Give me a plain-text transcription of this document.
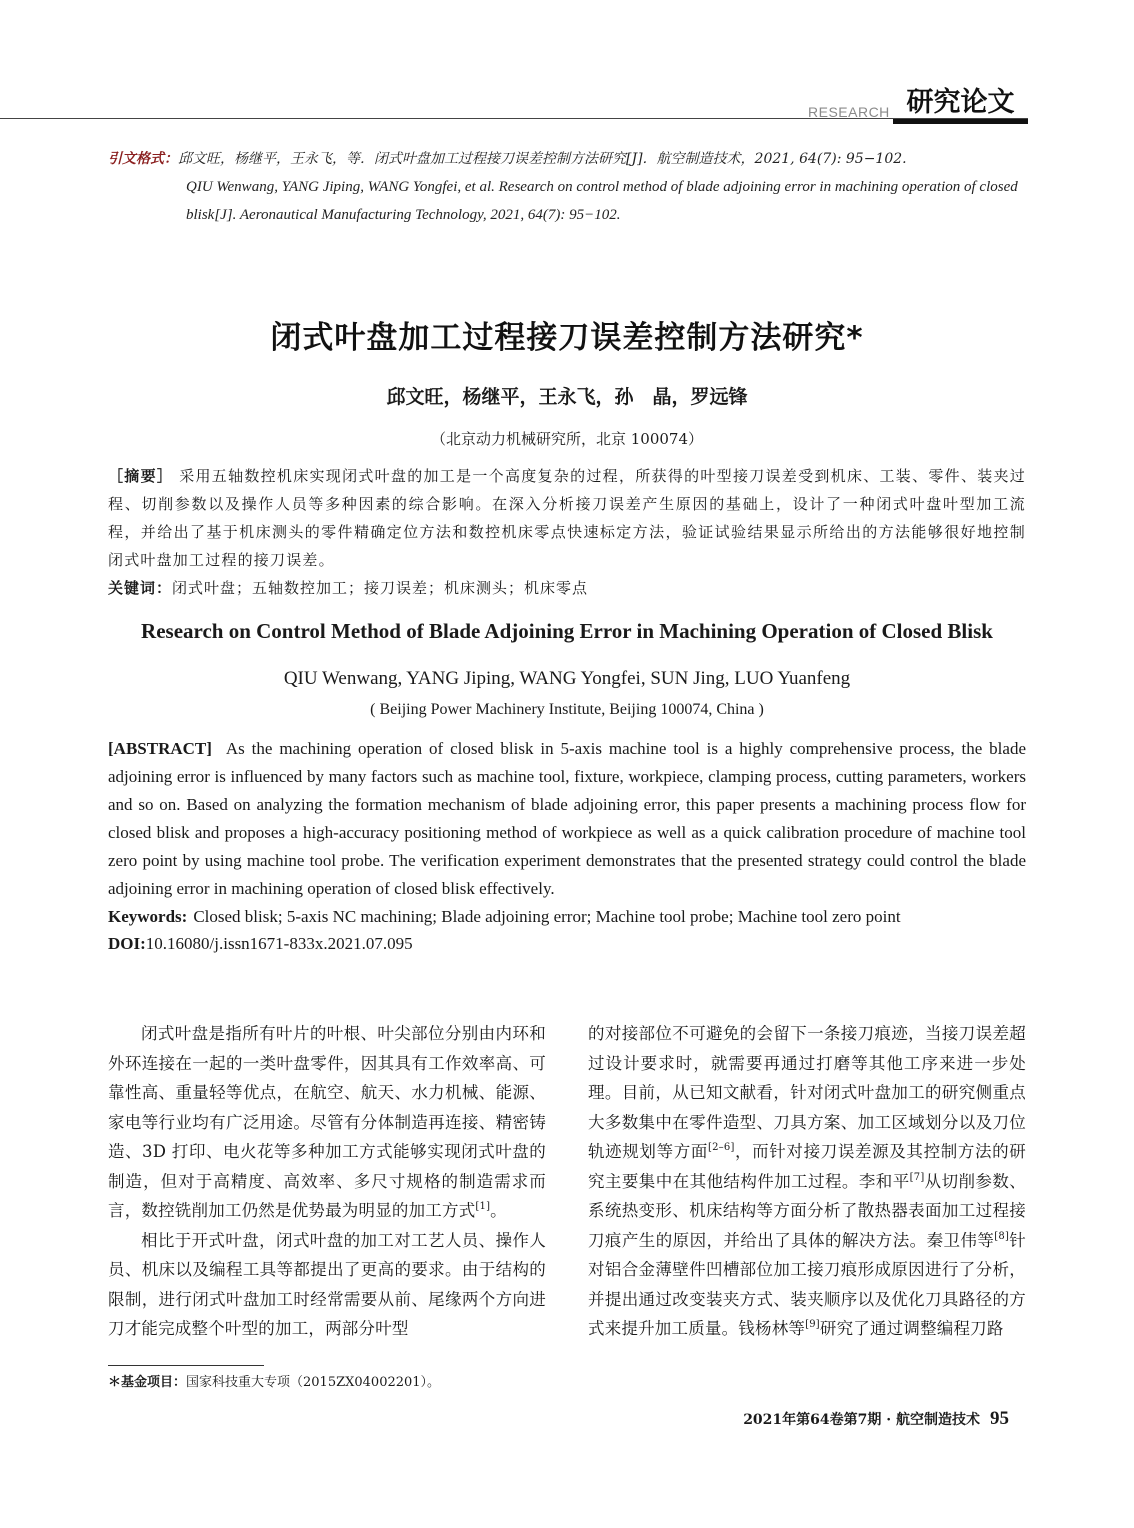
RESEARCH 研究论文
引文格式：邱文旺，杨继平，王永飞，等．闭式叶盘加工过程接刀误差控制方法研究[J]．航空制造技术，2021, 64(7): 95−102.
QIU Wenwang, YANG Jiping, WANG Yongfei, et al. Research on control method of blade adjoining error in machining operation of closed blisk[J]. Aeronautical Manufacturing Technology, 2021, 64(7): 95−102.
闭式叶盘加工过程接刀误差控制方法研究*
邱文旺，杨继平，王永飞，孙　晶，罗远锋
（北京动力机械研究所，北京 100074）
［摘要］ 采用五轴数控机床实现闭式叶盘的加工是一个高度复杂的过程，所获得的叶型接刀误差受到机床、工装、零件、装夹过程、切削参数以及操作人员等多种因素的综合影响。在深入分析接刀误差产生原因的基础上，设计了一种闭式叶盘叶型加工流程，并给出了基于机床测头的零件精确定位方法和数控机床零点快速标定方法，验证试验结果显示所给出的方法能够很好地控制闭式叶盘加工过程的接刀误差。
关键词：闭式叶盘；五轴数控加工；接刀误差；机床测头；机床零点
Research on Control Method of Blade Adjoining Error in Machining Operation of Closed Blisk
QIU Wenwang, YANG Jiping, WANG Yongfei, SUN Jing, LUO Yuanfeng
( Beijing Power Machinery Institute, Beijing 100074, China )
[ABSTRACT] As the machining operation of closed blisk in 5-axis machine tool is a highly comprehensive process, the blade adjoining error is influenced by many factors such as machine tool, fixture, workpiece, clamping process, cutting parameters, workers and so on. Based on analyzing the formation mechanism of blade adjoining error, this paper presents a machining process flow for closed blisk and proposes a high-accuracy positioning method of workpiece as well as a quick calibration procedure of machine tool zero point by using machine tool probe. The verification experiment demonstrates that the presented strategy could control the blade adjoining error in machining operation of closed blisk effectively.
Keywords: Closed blisk; 5-axis NC machining; Blade adjoining error; Machine tool probe; Machine tool zero point
DOI:10.16080/j.issn1671-833x.2021.07.095

闭式叶盘是指所有叶片的叶根、叶尖部位分别由内环和外环连接在一起的一类叶盘零件，因其具有工作效率高、可靠性高、重量轻等优点，在航空、航天、水力机械、能源、家电等行业均有广泛用途。尽管有分体制造再连接、精密铸造、3D 打印、电火花等多种加工方式能够实现闭式叶盘的制造，但对于高精度、高效率、多尺寸规格的制造需求而言，数控铣削加工仍然是优势最为明显的加工方式[1]。

相比于开式叶盘，闭式叶盘的加工对工艺人员、操作人员、机床以及编程工具等都提出了更高的要求。由于结构的限制，进行闭式叶盘加工时经常需要从前、尾缘两个方向进刀才能完成整个叶型的加工，两部分叶型

的对接部位不可避免的会留下一条接刀痕迹，当接刀误差超过设计要求时，就需要再通过打磨等其他工序来进一步处理。目前，从已知文献看，针对闭式叶盘加工的研究侧重点大多数集中在零件造型、刀具方案、加工区域划分以及刀位轨迹规划等方面[2–6]，而针对接刀误差源及其控制方法的研究主要集中在其他结构件加工过程。李和平[7]从切削参数、系统热变形、机床结构等方面分析了散热器表面加工过程接刀痕产生的原因，并给出了具体的解决方法。秦卫伟等[8]针对铝合金薄壁件凹槽部位加工接刀痕形成原因进行了分析，并提出通过改变装夹方式、装夹顺序以及优化刀具路径的方式来提升加工质量。钱杨林等[9]研究了通过调整编程刀路

＊基金项目：国家科技重大专项（2015ZX04002201）。
2021年第64卷第7期 · 航空制造技术 95
